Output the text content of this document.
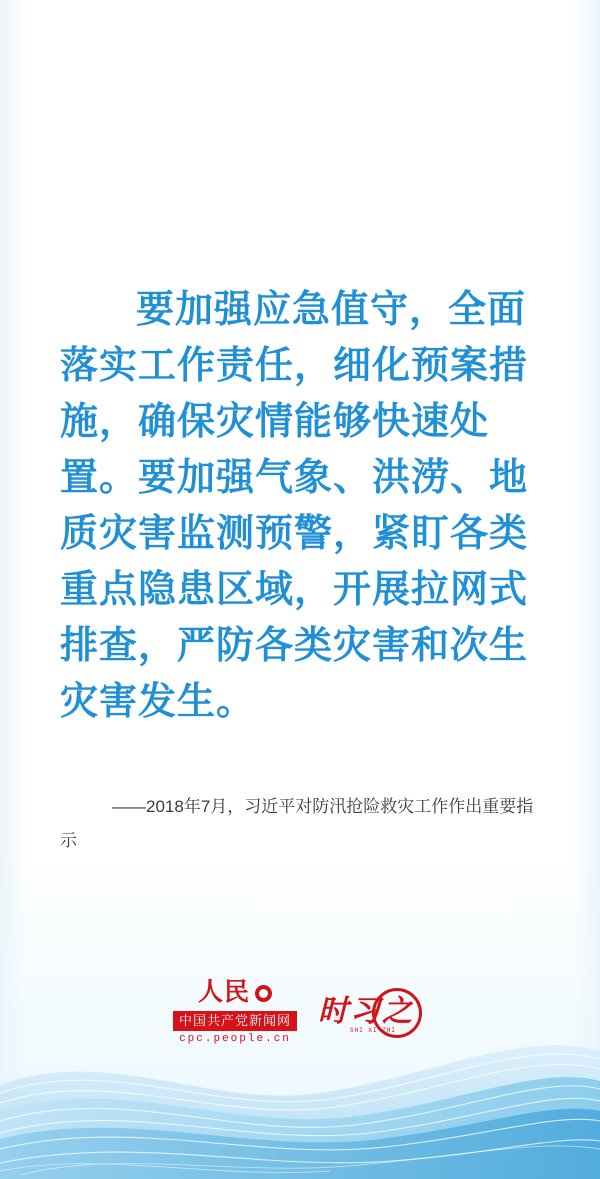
要加强应急值守，全面落实工作责任，细化预案措施，确保灾情能够快速处置。要加强气象、洪涝、地质灾害监测预警，紧盯各类重点隐患区域，开展拉网式排查，严防各类灾害和次生灾害发生。
——2018年7月，习近平对防汛抢险救灾工作作出重要指示
人民
中国共产党新闻网
cpc.people.cn
时习之
SHI XI ZHI
